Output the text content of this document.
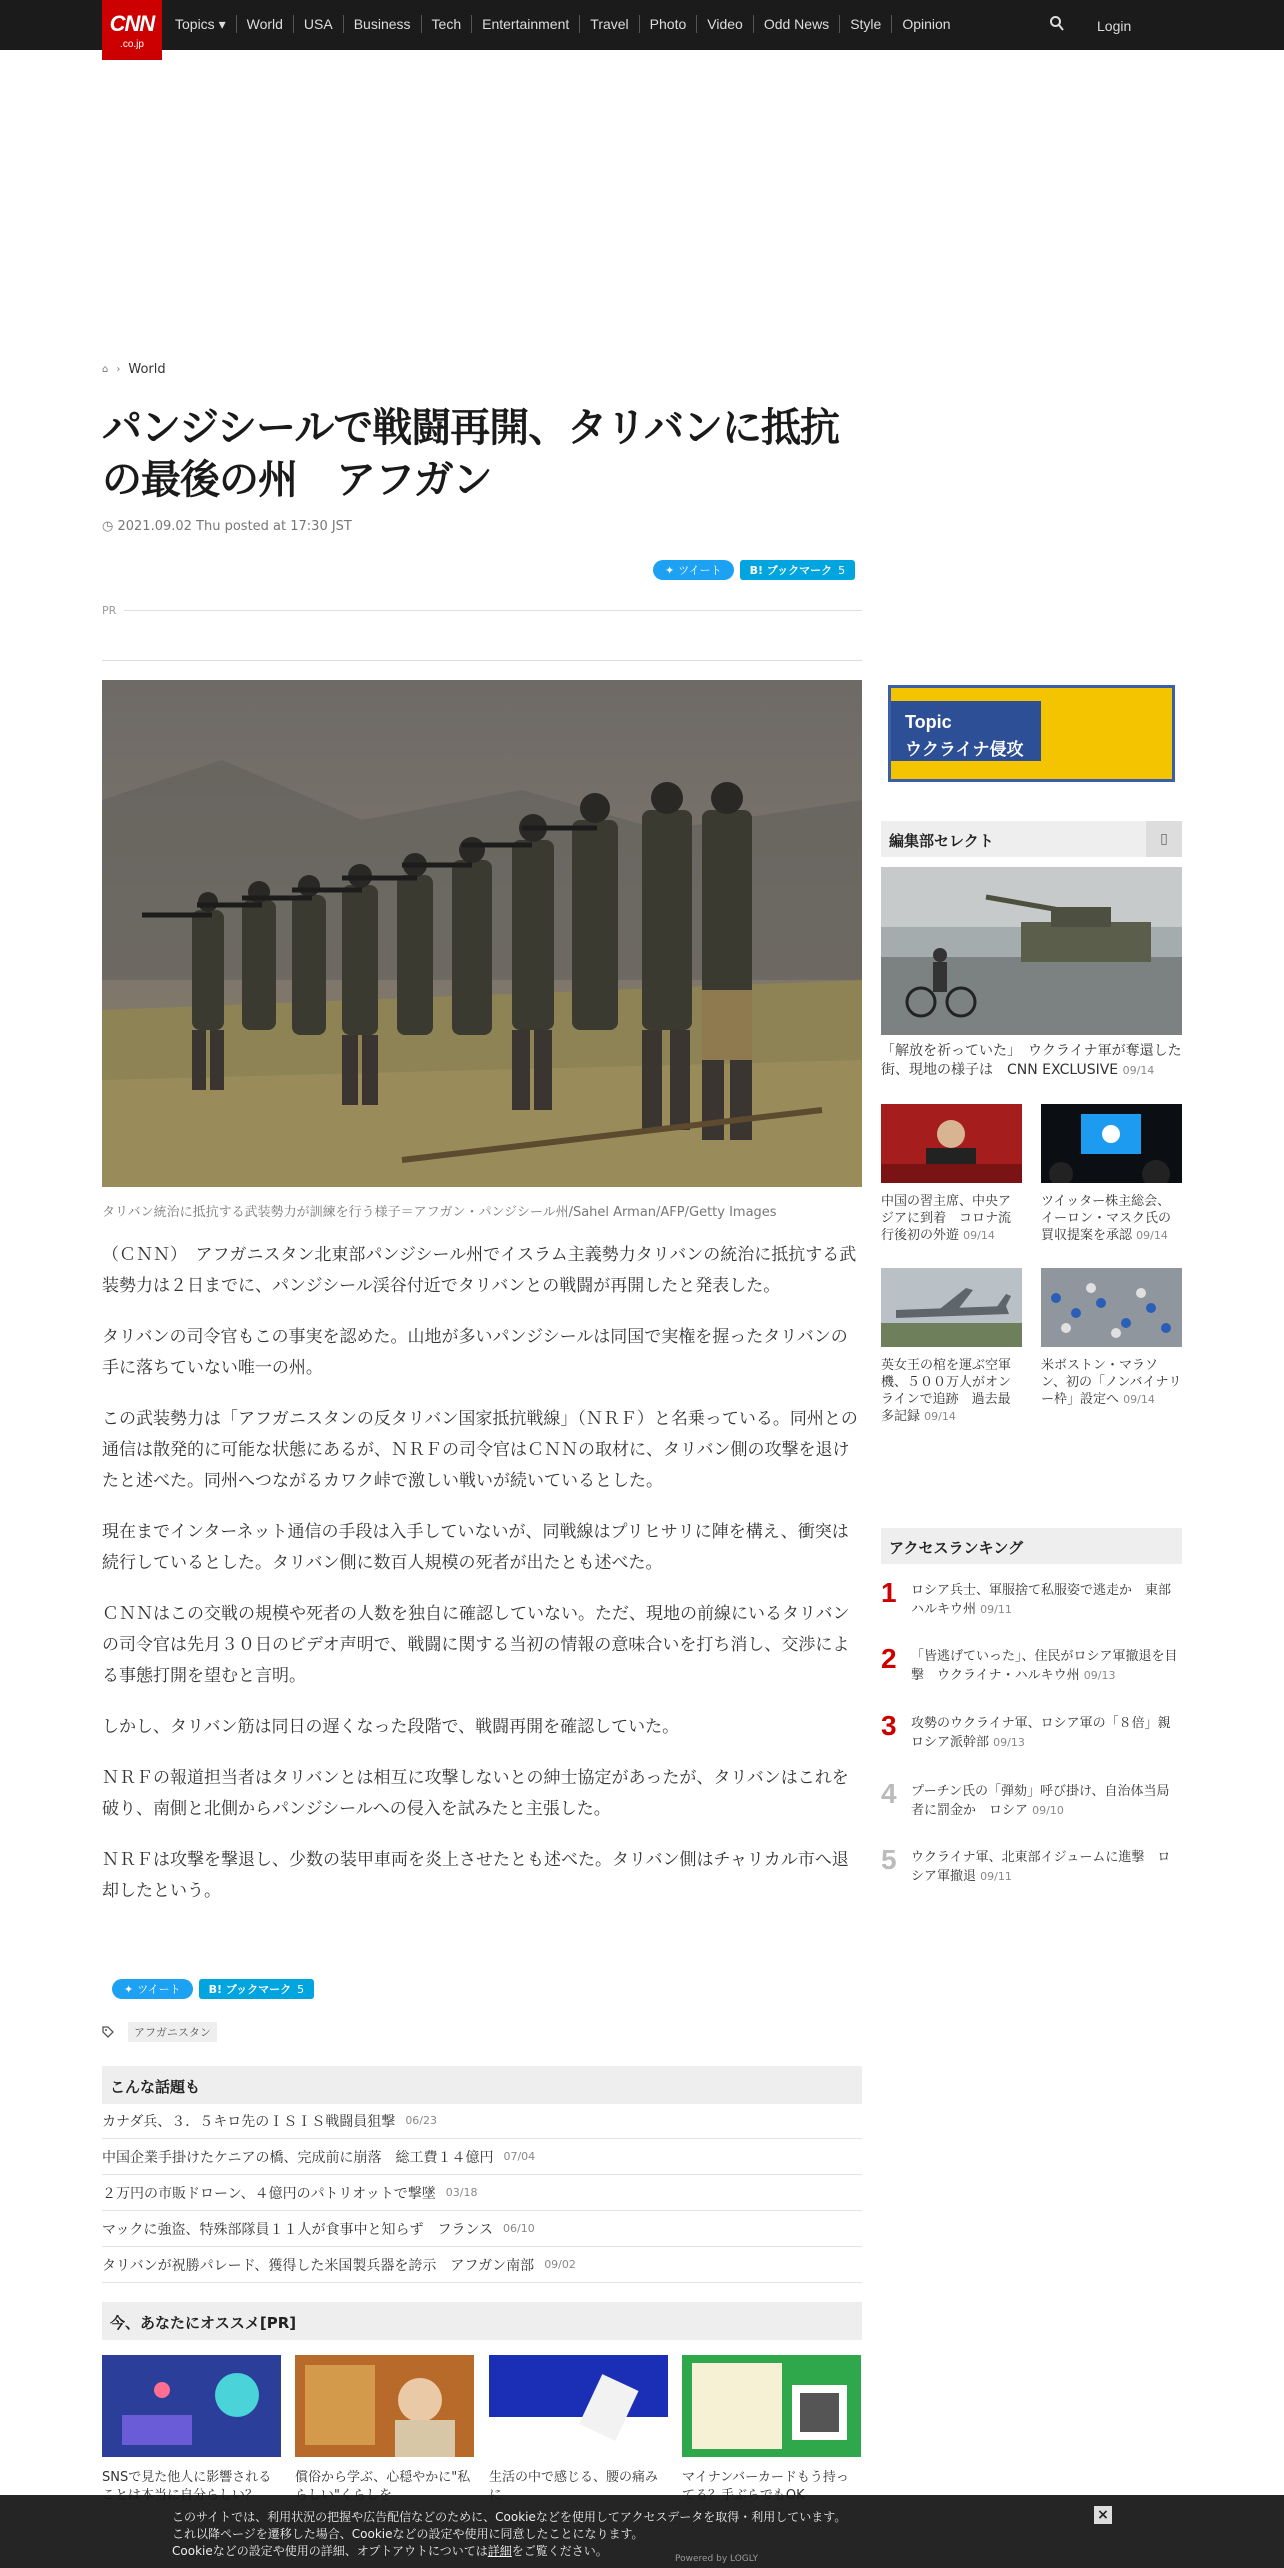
CNN
.co.jp
Topics ▾	World	USA	Business	Tech	Entertainment	Travel	Photo	Video	Odd News	Style	Opinion	Login
⌂ › World
パンジシールで戦闘再開、タリバンに抵抗の最後の州　アフガン
◷ 2021.09.02 Thu posted at 17:30 JST
✦ ツイート	B! ブックマーク 5
PR
タリバン統治に抵抗する武装勢力が訓練を行う様子＝アフガン・パンジシール州/Sahel Arman/AFP/Getty Images

（ＣＮＮ）　アフガニスタン北東部パンジシール州でイスラム主義勢力タリバンの統治に抵抗する武装勢力は２日までに、パンジシール渓谷付近でタリバンとの戦闘が再開したと発表した。

タリバンの司令官もこの事実を認めた。山地が多いパンジシールは同国で実権を握ったタリバンの手に落ちていない唯一の州。

この武装勢力は「アフガニスタンの反タリバン国家抵抗戦線」（ＮＲＦ）と名乗っている。同州との通信は散発的に可能な状態にあるが、ＮＲＦの司令官はＣＮＮの取材に、タリバン側の攻撃を退けたと述べた。同州へつながるカワク峠で激しい戦いが続いているとした。

現在までインターネット通信の手段は入手していないが、同戦線はプリヒサリに陣を構え、衝突は続行しているとした。タリバン側に数百人規模の死者が出たとも述べた。

ＣＮＮはこの交戦の規模や死者の人数を独自に確認していない。ただ、現地の前線にいるタリバンの司令官は先月３０日のビデオ声明で、戦闘に関する当初の情報の意味合いを打ち消し、交渉による事態打開を望むと言明。

しかし、タリバン筋は同日の遅くなった段階で、戦闘再開を確認していた。

ＮＲＦの報道担当者はタリバンとは相互に攻撃しないとの紳士協定があったが、タリバンはこれを破り、南側と北側からパンジシールへの侵入を試みたと主張した。

ＮＲＦは攻撃を撃退し、少数の装甲車両を炎上させたとも述べた。タリバン側はチャリカル市へ退却したという。

✦ ツイート	B! ブックマーク 5
アフガニスタン
こんな話題も
カナダ兵、３．５キロ先のＩＳＩＳ戦闘員狙撃 06/23
中国企業手掛けたケニアの橋、完成前に崩落　総工費１４億円 07/04
２万円の市販ドローン、４億円のパトリオットで撃墜 03/18
マックに強盗、特殊部隊員１１人が食事中と知らず　フランス 06/10
タリバンが祝勝パレード、獲得した米国製兵器を誇示　アフガン南部 09/02
今、あなたにオススメ[PR]
SNSで見た他人に影響される	償俗から学ぶ、心穏やかに"私 生活の中で感じる、腰の痛み	マイナンバーカードもう持っ
Topic
ウクライナ侵攻
編集部セレクト	▯
「解放を祈っていた」　ウクライナ軍が奪還した街、現地の様子は　CNN EXCLUSIVE 09/14
中国の習主席、中央アジアに到着　コロナ流行後初の外遊 09/14
ツイッター株主総会、イーロン・マスク氏の買収提案を承認 09/14
英女王の棺を運ぶ空軍機、５００万人がオンラインで追跡　過去最多記録 09/14
米ボストン・マラソン、初の「ノンバイナリー枠」設定へ 09/14
アクセスランキング
1	ロシア兵士、軍服捨て私服姿で逃走か　東部ハルキウ州 09/11
2	「皆逃げていった」、住民がロシア軍撤退を目撃　ウクライナ・ハルキウ州 09/13
3	攻勢のウクライナ軍、ロシア軍の「８倍」親ロシア派幹部 09/13
4	プーチン氏の「弾劾」呼び掛け、自治体当局者に罰金か　ロシア 09/10
5	ウクライナ軍、北東部イジュームに進撃　ロシア軍撤退 09/11
このサイトでは、利用状況の把握や広告配信などのために、Cookieなどを使用してアクセスデータを取得・利用しています。
これ以降ページを遷移した場合、Cookieなどの設定や使用に同意したことになります。
Cookieなどの設定や使用の詳細、オプトアウトについては詳細をご覧ください。
×
Powered by LOGLY
